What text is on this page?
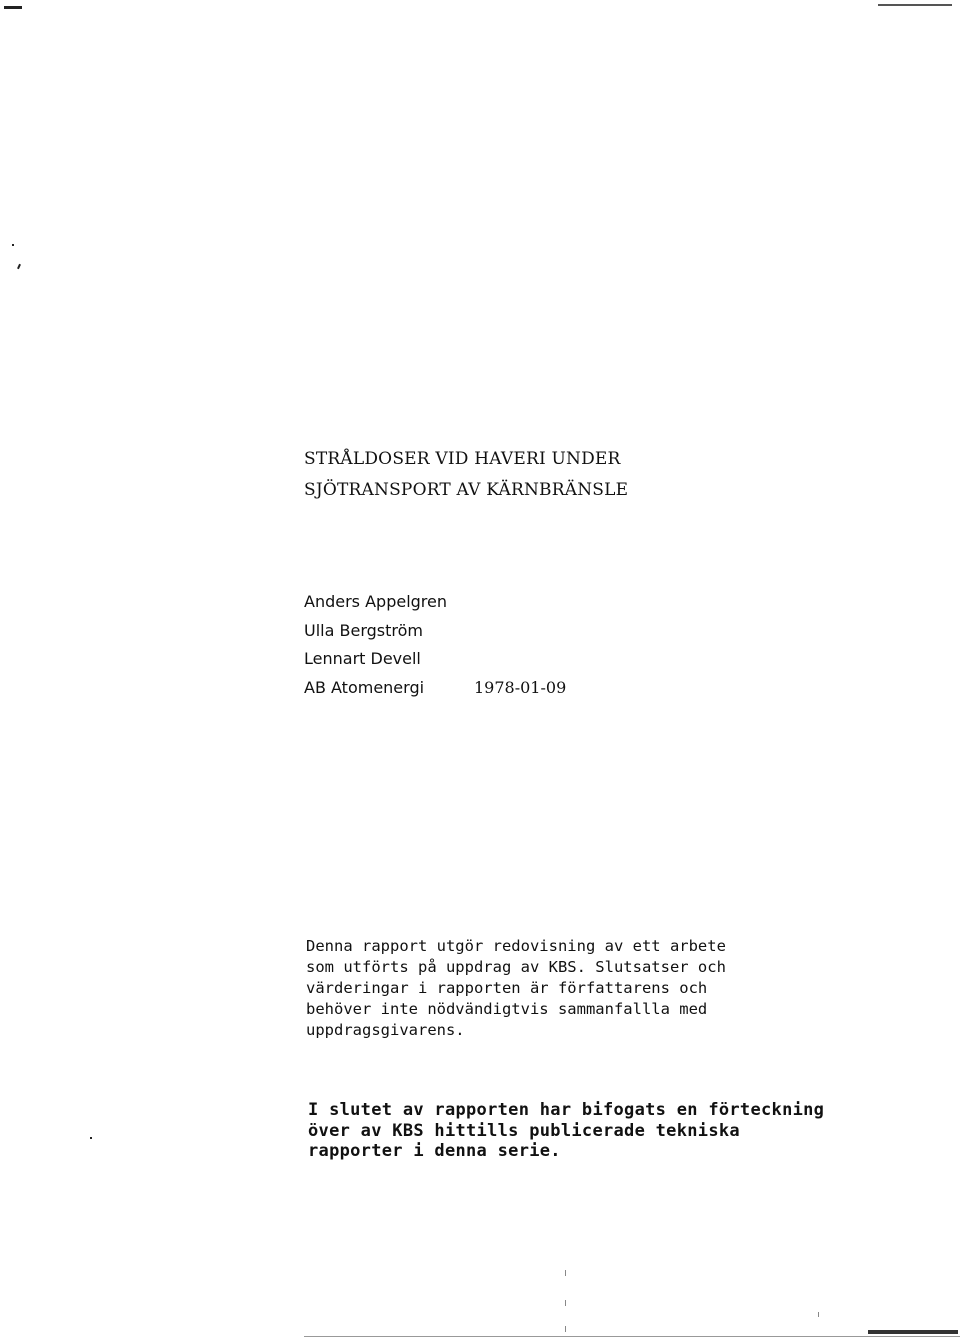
STRÅLDOSER VID HAVERI UNDER
SJÖTRANSPORT AV KÄRNBRÄNSLE
Anders Appelgren
Ulla Bergström
Lennart Devell
AB Atomenergi	1978-01-09
Denna rapport utgör redovisning av ett arbete
som utförts på uppdrag av KBS. Slutsatser och
värderingar i rapporten är författarens och
behöver inte nödvändigtvis sammanfallla med
uppdragsgivarens.
I slutet av rapporten har bifogats en förteckning
över av KBS hittills publicerade tekniska
rapporter i denna serie.
